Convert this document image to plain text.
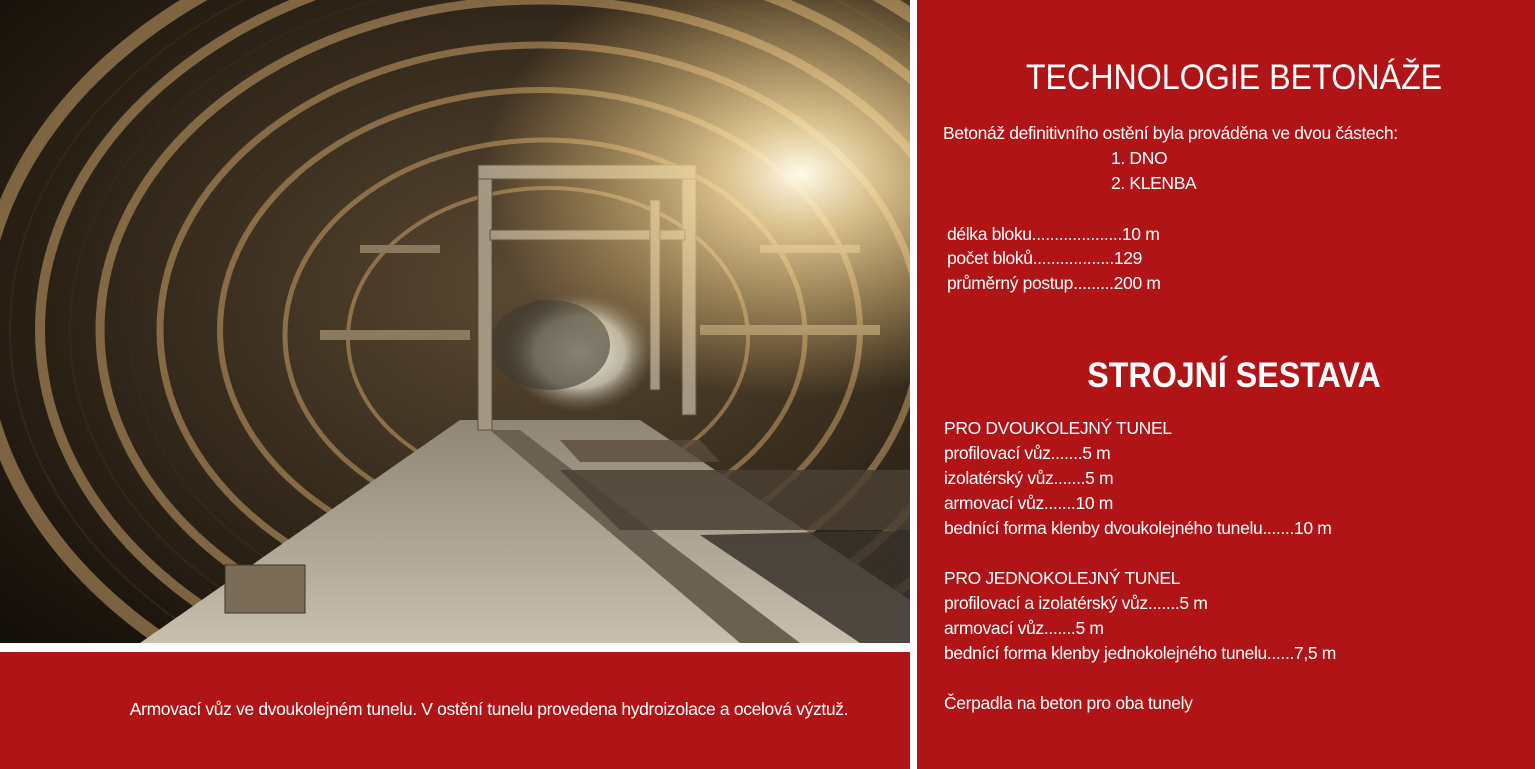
Armovací vůz ve dvoukolejném tunelu. V ostění tunelu provedena hydroizolace a ocelová výztuž.
TECHNOLOGIE BETONÁŽE
Betonáž definitivního ostění byla prováděna ve dvou částech:
1. DNO
2. KLENBA
délka bloku....................10 m
počet bloků..................129
průměrný postup.........200 m
STROJNÍ SESTAVA
PRO DVOUKOLEJNÝ TUNEL
profilovací vůz.......5 m
izolatérský vůz.......5 m
armovací vůz.......10 m
bednící forma klenby dvoukolejného tunelu.......10 m
PRO JEDNOKOLEJNÝ TUNEL
profilovací a izolatérský vůz.......5 m
armovací vůz.......5 m
bednící forma klenby jednokolejného tunelu......7,5 m
Čerpadla na beton pro oba tunely
